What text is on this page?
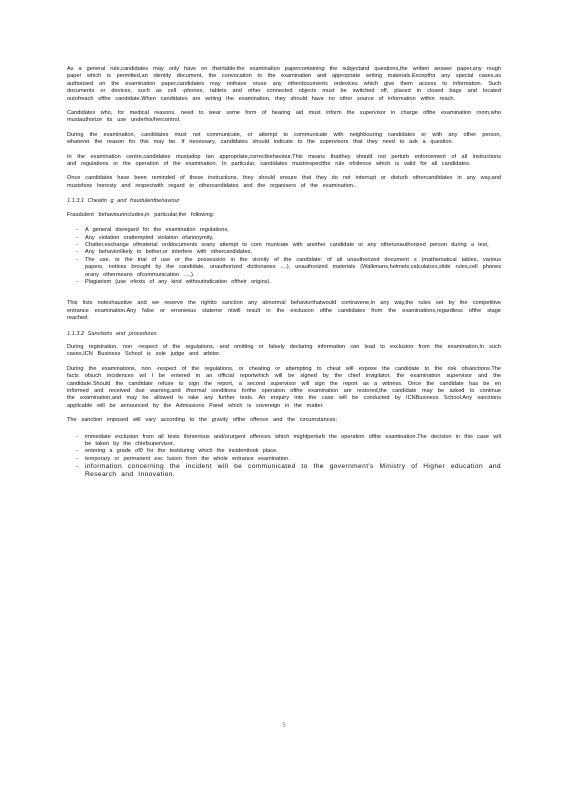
As a general rule,candidates may only have on theirtable:the examination papercontaining the subjectand questions,the written answer paper,any rough paper which is permitted,an identity document, the convocation to the examination and appropriate writing materials.Exceptfor any special cases,as authorised on the examination paper,candidates may nothave oruse any otherdocuments ordevices which give them access to information. Such documents or devices, such as cell -phones, tablets and other connected objects must be switched off, placed in closed bags and located outofreach ofthe candidate.When candidates are writing the examination, they should have no other source of information within reach.

Candidates who, for medical reasons, need to wear some form of hearing aid must inform the supervisor in charge ofthe examination room,who mustauthorize its use underhis/hercontrol.

During the examination, candidates must not communicate, or attempt to communicate with neighbouring candidates or with any other person, whatever the reason for this may be. If necessary, candidates should indicate to the supervisors that they need to ask a question.

In the examination centre,candidates mustadop tan appropriate,correctbehaviour.This means thatthey should not perturb enforcement of all instructions and regulations or the operation of the examination. In particular, candidates mustrespectthe rule ofsilence which is valid for all candidates.

Once candidates have been reminded of these instructions, they should ensure that they do not interrupt or disturb othercandidates in any way,and mustshow honesty and respectwith regard to othercandidates and the organisers of the examination..

1.1.3.1 Cheatin g and fraudulentbehaviour

Fraudulent behaviourincludes,in particular,the following:

- A general disregard for the examination regulations,
- Any violation orattempted violation ofanonymity,
- Chatter,exchange ofmaterial orddocuments orany attempt to com municate with another candidate or any otherunauthorized person during a test,
- Any behaviorlikely to bother,or interfere with othercandidates,
- The use, or the trial of use or the possession in the vicinity of the candidate: of all unauthorized document s (mathematical tables, various papers, notices brought by the candidate, unauthorized dictionaries ....), unauthorized materials (Walkmans,helmets,calculators,slide rules,cell phones orany othermeans ofcommunication .....).
- Plagiarism (use ofexts of any kind withoutindication oftheir origins).

This lists notexhaustive and we reserve the rightto sanction any abnormal behaviorthatwould contravene,in any way,the rules set by the competitive entrance examination.Any false or erroneous stateme ntwill result in the exclusion ofthe candidates from the examinations,regardless ofthe stage reached.

1.1.3.2 Sanctions and procedures

During registration, non -respect of the regulations, and omitting or falsely declaring information can lead to exclusion from the examination.In such cases,ICN Business School is sole judge and arbiter.

During the examinations, non -respect of the regulations, or cheating or attempting to cheat will expose the candidate to the risk ofsanctions.The facts ofsuch incidences wil l be entered in an official reportwhich will be signed by the chief invigilator, the examination supervisor and the candidate.Should the candidate refuse to sign the report, a second supervisor will sign the report as a witness. Once the candidate has be en informed and received due warning,and ifnormal conditions forthe operation ofthe examination are restored,the candidate may be asked to continue the examination,and may be allowed to take any further tests. An enquiry into the case will be conducted by ICNBusiness School.Any sanctions applicable will be announced by the Admissions Panel which is sovereign in the matter.

The sanction imposed will vary according to the gravity ofthe offence and the circumstances:

- immediate exclusion from all tests iforserious and/orurgent offences which mightperturb the operation ofthe examination.The decision in this case will be taken by the chiefsupervisor.
- entering a grade of0 for the testduring which the incidenttook place.
- temporary or permanent exc lusion from the whole entrance examination.
- information concerning the incident will be communicated to the government's Ministry of Higher education and Research and Innovation.
5
